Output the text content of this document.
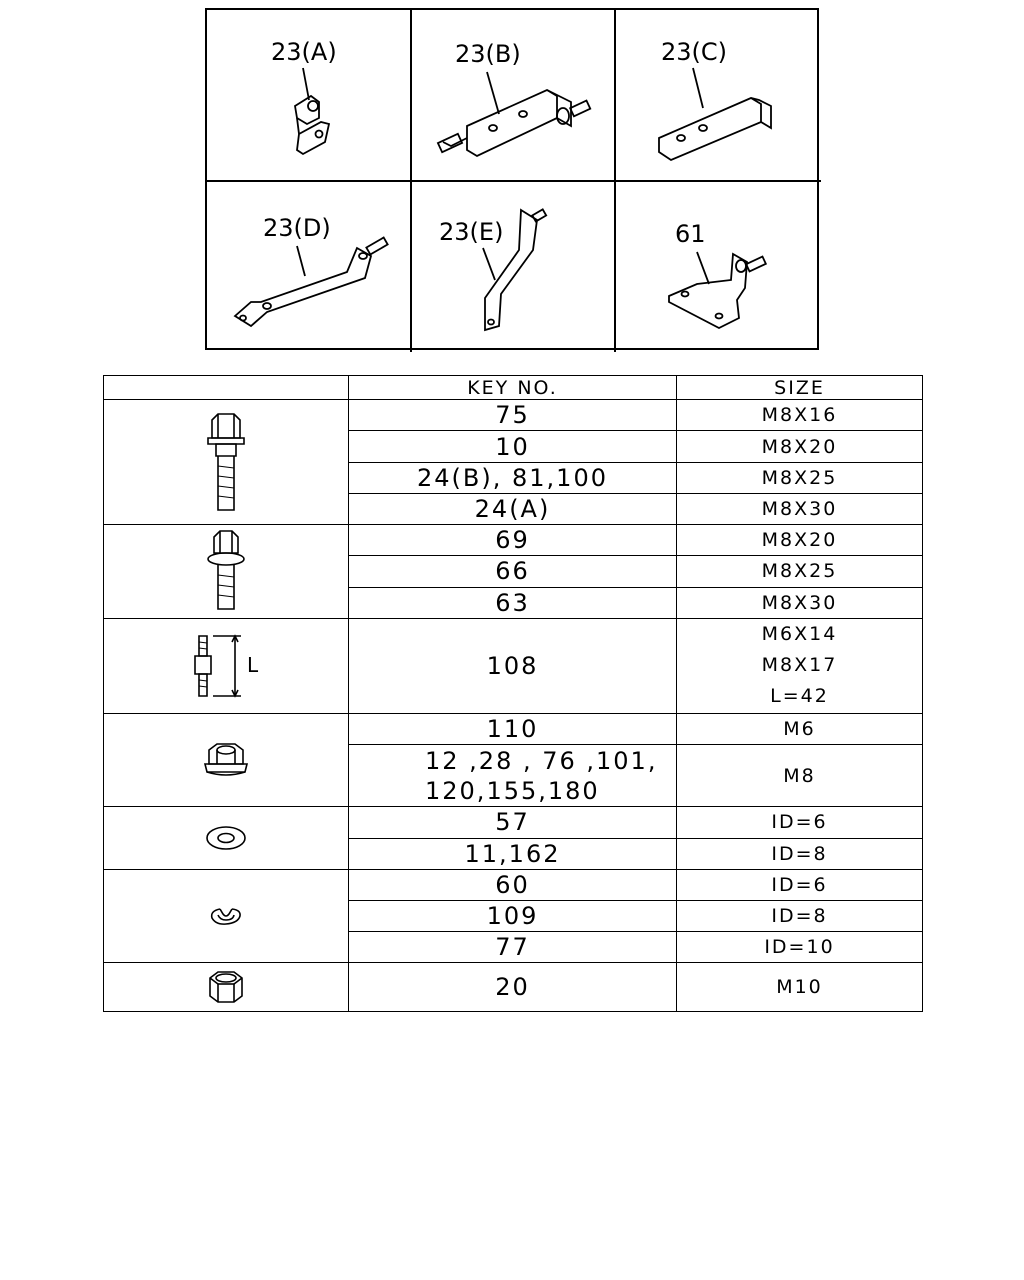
23(A)	23(B)	23(C)
23(D)	23(E)	61
	KEY NO.	SIZE

	75	M8X16
	10	M8X20
	24(B), 81,100	M8X25
	24(A)	M8X30

	69	M8X20
	66	M8X25
	63	M8X30

L	108	M6X14
M8X17
L=42

	110	M6

	12 ,28 , 76 ,101,
120,155,180	M8

	57	ID=6
	11,162	ID=8

	60	ID=6
	109	ID=8
	77	ID=10

	20	M10
